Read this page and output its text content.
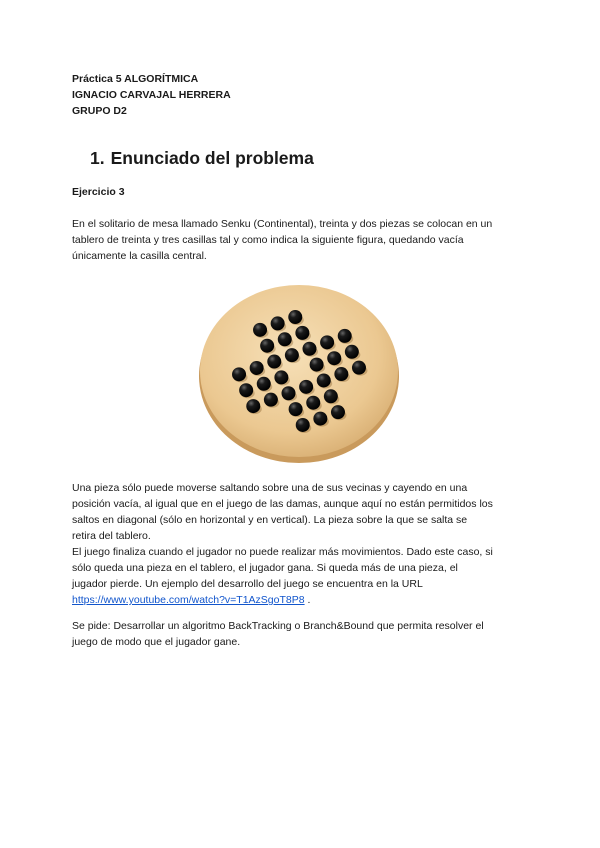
Práctica 5 ALGORÍTMICA
IGNACIO CARVAJAL HERRERA
GRUPO D2
1. Enunciado del problema
Ejercicio 3
En el solitario de mesa llamado Senku (Continental), treinta y dos piezas se colocan en un
tablero de treinta y tres casillas tal y como indica la siguiente figura, quedando vacía
únicamente la casilla central.
Una pieza sólo puede moverse saltando sobre una de sus vecinas y cayendo en una
posición vacía, al igual que en el juego de las damas, aunque aquí no están permitidos los
saltos en diagonal (sólo en horizontal y en vertical). La pieza sobre la que se salta se
retira del tablero.
El juego finaliza cuando el jugador no puede realizar más movimientos. Dado este caso, si
sólo queda una pieza en el tablero, el jugador gana. Si queda más de una pieza, el
jugador pierde. Un ejemplo del desarrollo del juego se encuentra en la URL
https://www.youtube.com/watch?v=T1AzSgoT8P8 .
Se pide: Desarrollar un algoritmo BackTracking o Branch&Bound que permita resolver el
juego de modo que el jugador gane.
